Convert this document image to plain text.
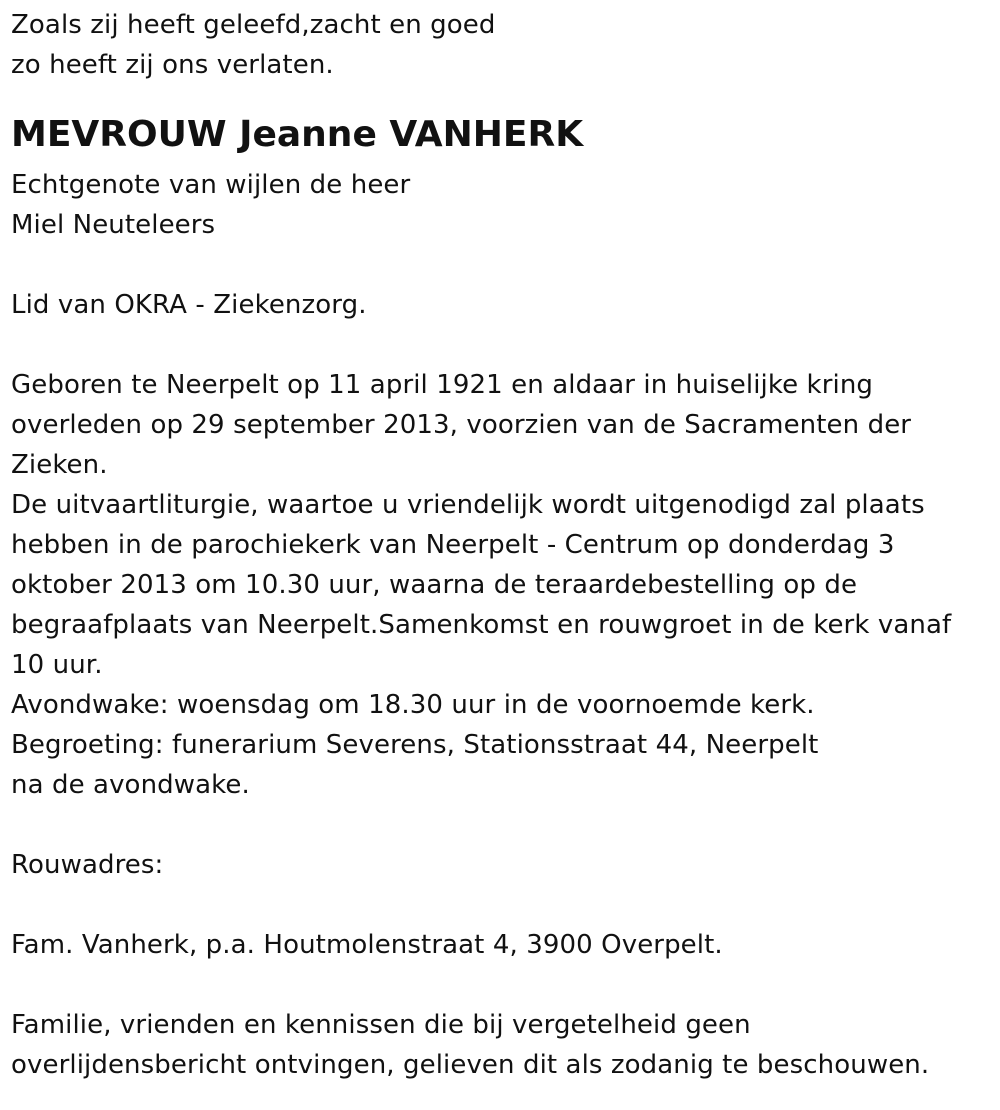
Zoals zij heeft geleefd,zacht en goed
zo heeft zij ons verlaten.
MEVROUW Jeanne VANHERK
Echtgenote van wijlen de heer
Miel Neuteleers
Lid van OKRA - Ziekenzorg.
Geboren te Neerpelt op 11 april 1921 en aldaar in huiselijke kring
overleden op 29 september 2013, voorzien van de Sacramenten der
Zieken.
De uitvaartliturgie, waartoe u vriendelijk wordt uitgenodigd zal plaats
hebben in de parochiekerk van Neerpelt - Centrum op donderdag 3
oktober 2013 om 10.30 uur, waarna de teraardebestelling op de
begraafplaats van Neerpelt.Samenkomst en rouwgroet in de kerk vanaf
10 uur.
Avondwake: woensdag om 18.30 uur in de voornoemde kerk.
Begroeting: funerarium Severens, Stationsstraat 44, Neerpelt
na de avondwake.
Rouwadres:
Fam. Vanherk, p.a. Houtmolenstraat 4, 3900 Overpelt.
Familie, vrienden en kennissen die bij vergetelheid geen
overlijdensbericht ontvingen, gelieven dit als zodanig te beschouwen.
